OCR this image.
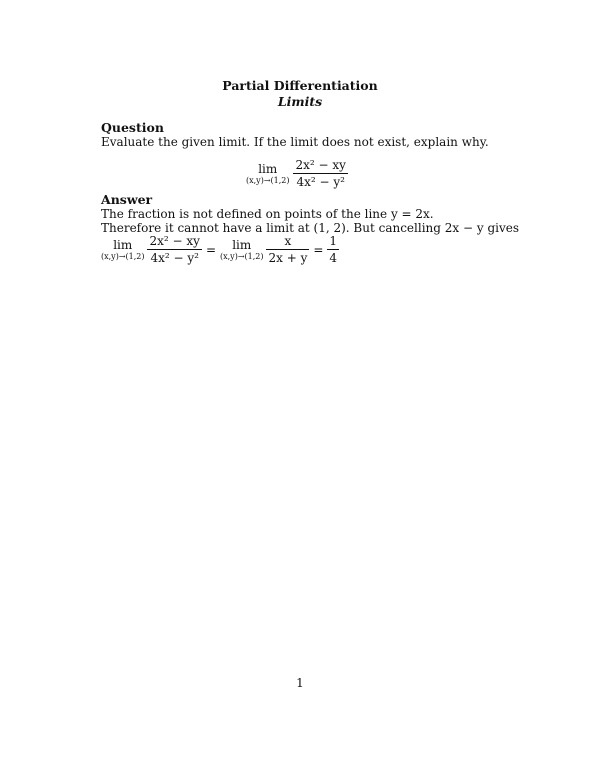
Partial Differentiation
Limits
Question
Evaluate the given limit. If the limit does not exist, explain why.
lim
$(x,y)\to(1,2) \frac{\text{2x² − xy}}{\text{4x² − y²}}$
Answer
The fraction is not defined on points of the line y = 2x.
Therefore it cannot have a limit at (1, 2). But cancelling 2x − y gives
lim
$(x,y)\to(1,2) \frac{\text{2x² − xy}}{\text{4x² − y²}}$ =	lim
$(x,y)\to(1,2) \frac{x}{2x + y} = \frac{1}{4}$
1
